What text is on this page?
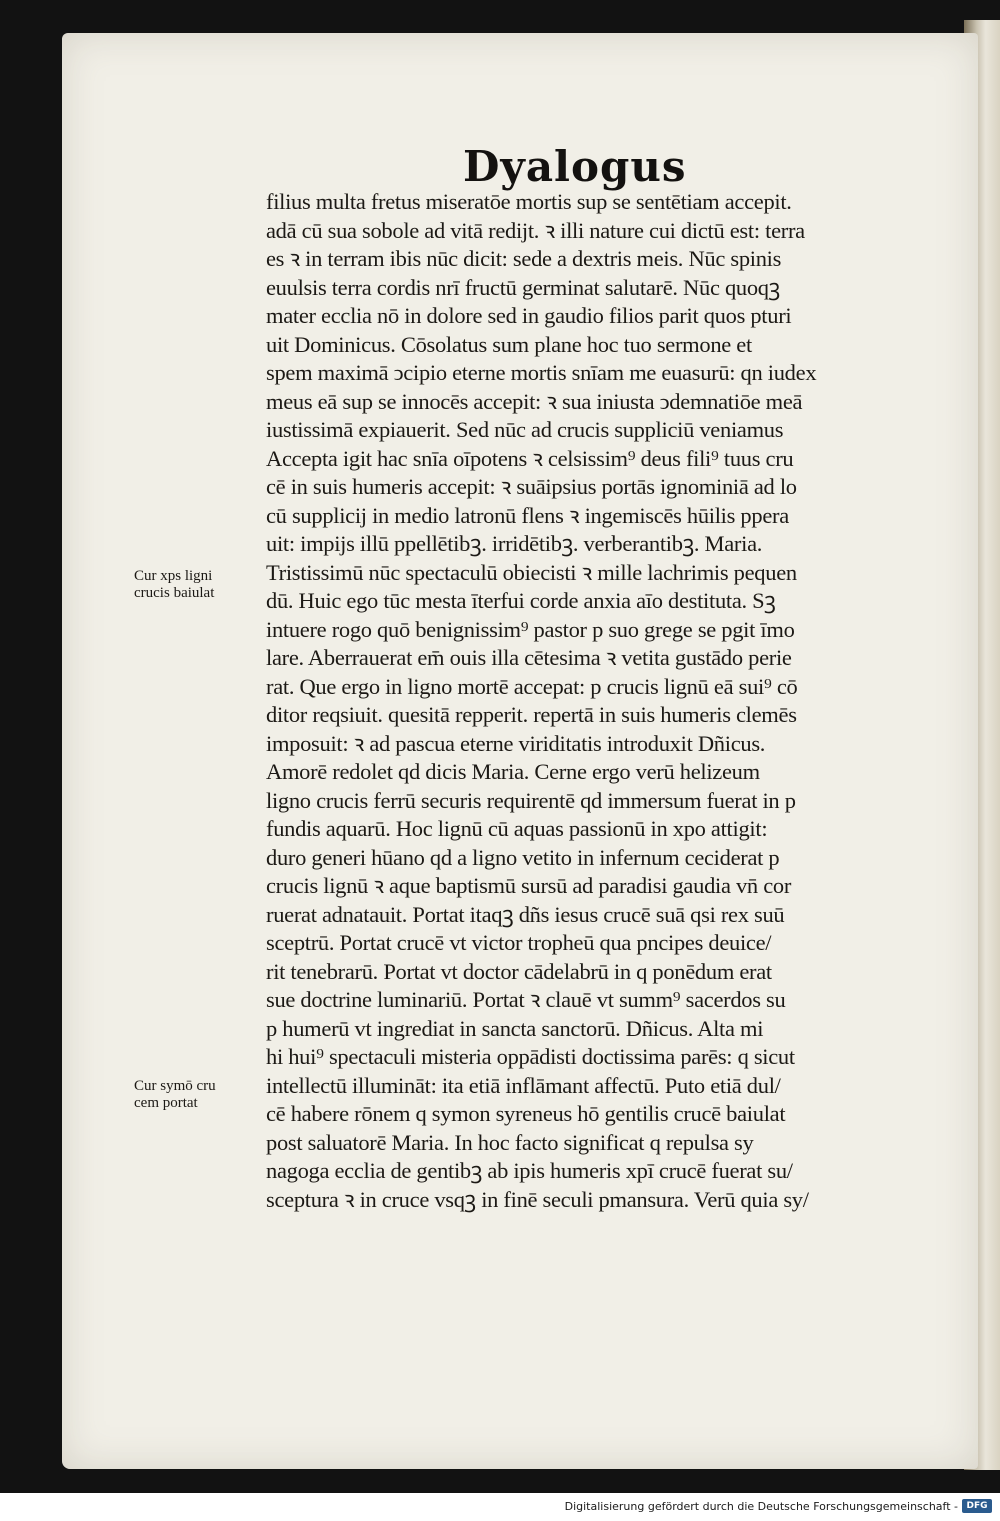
Dyalogus
filius multa fretus miseratōe mortis sup se sentētiam accepit.
adā cū sua sobole ad vitā redijt. ꝛ illi nature cui dictū est: terra
es ꝛ in terram ibis nūc dicit: sede a dextris meis. Nūc spinis
euulsis terra cordis nrī fructū germinat salutarē. Nūc quoqꝫ
mater ecclia nō in dolore sed in gaudio filios parit quos pturi
uit Dominicus. Cōsolatus sum plane hoc tuo sermone et
spem maximā ↄcipio eterne mortis snīam me euasurū: qn iudex
meus eā sup se innocēs accepit: ꝛ sua iniusta ↄdemnatiōe meā
iustissimā expiauerit. Sed nūc ad crucis suppliciū veniamus
Accepta igit hac snīa oīpotens ꝛ celsissim⁹ deus fili⁹ tuus cru
cē in suis humeris accepit: ꝛ suāipsius portās ignominiā ad lo
cū supplicij in medio latronū flens ꝛ ingemiscēs hūilis ppera
uit: impijs illū ppellētibꝫ. irridētibꝫ. verberantibꝫ. Maria.
Tristissimū nūc spectaculū obiecisti ꝛ mille lachrimis pequen
dū. Huic ego tūc mesta īterfui corde anxia aīo destituta. Sꝫ
intuere rogo quō benignissim⁹ pastor p suo grege se pgit īmo
lare. Aberrauerat em̄ ouis illa cētesima ꝛ vetita gustādo perie
rat. Que ergo in ligno mortē accepat: p crucis lignū eā sui⁹ cō
ditor reqsiuit. quesitā repperit. repertā in suis humeris clemēs
imposuit: ꝛ ad pascua eterne viriditatis introduxit Dñicus.
Amorē redolet qd dicis Maria. Cerne ergo verū helizeum
ligno crucis ferrū securis requirentē qd immersum fuerat in p
fundis aquarū. Hoc lignū cū aquas passionū in xpo attigit:
duro generi hūano qd a ligno vetito in infernum ceciderat p
crucis lignū ꝛ aque baptismū sursū ad paradisi gaudia vn̄ cor
ruerat adnatauit. Portat itaqꝫ dñs iesus crucē suā qsi rex suū
sceptrū. Portat crucē vt victor tropheū qua pncipes deuice/
rit tenebrarū. Portat vt doctor cādelabrū in q ponēdum erat
sue doctrine luminariū. Portat ꝛ clauē vt summ⁹ sacerdos su
p humerū vt ingrediat in sancta sanctorū. Dñicus. Alta mi
hi hui⁹ spectaculi misteria oppādisti doctissima parēs: q sicut
intellectū illumināt: ita etiā inflāmant affectū. Puto etiā dul/
cē habere rōnem q symon syreneus hō gentilis crucē baiulat
post saluatorē Maria. In hoc facto significat q repulsa sy
nagoga ecclia de gentibꝫ ab ipis humeris xpī crucē fuerat su/
sceptura ꝛ in cruce vsqꝫ in finē seculi pmansura. Verū quia sy/
Cur xps ligni
crucis baiulat
Cur symō cru
cem portat
Digitalisierung gefördert durch die Deutsche Forschungsgemeinschaft - DFG
